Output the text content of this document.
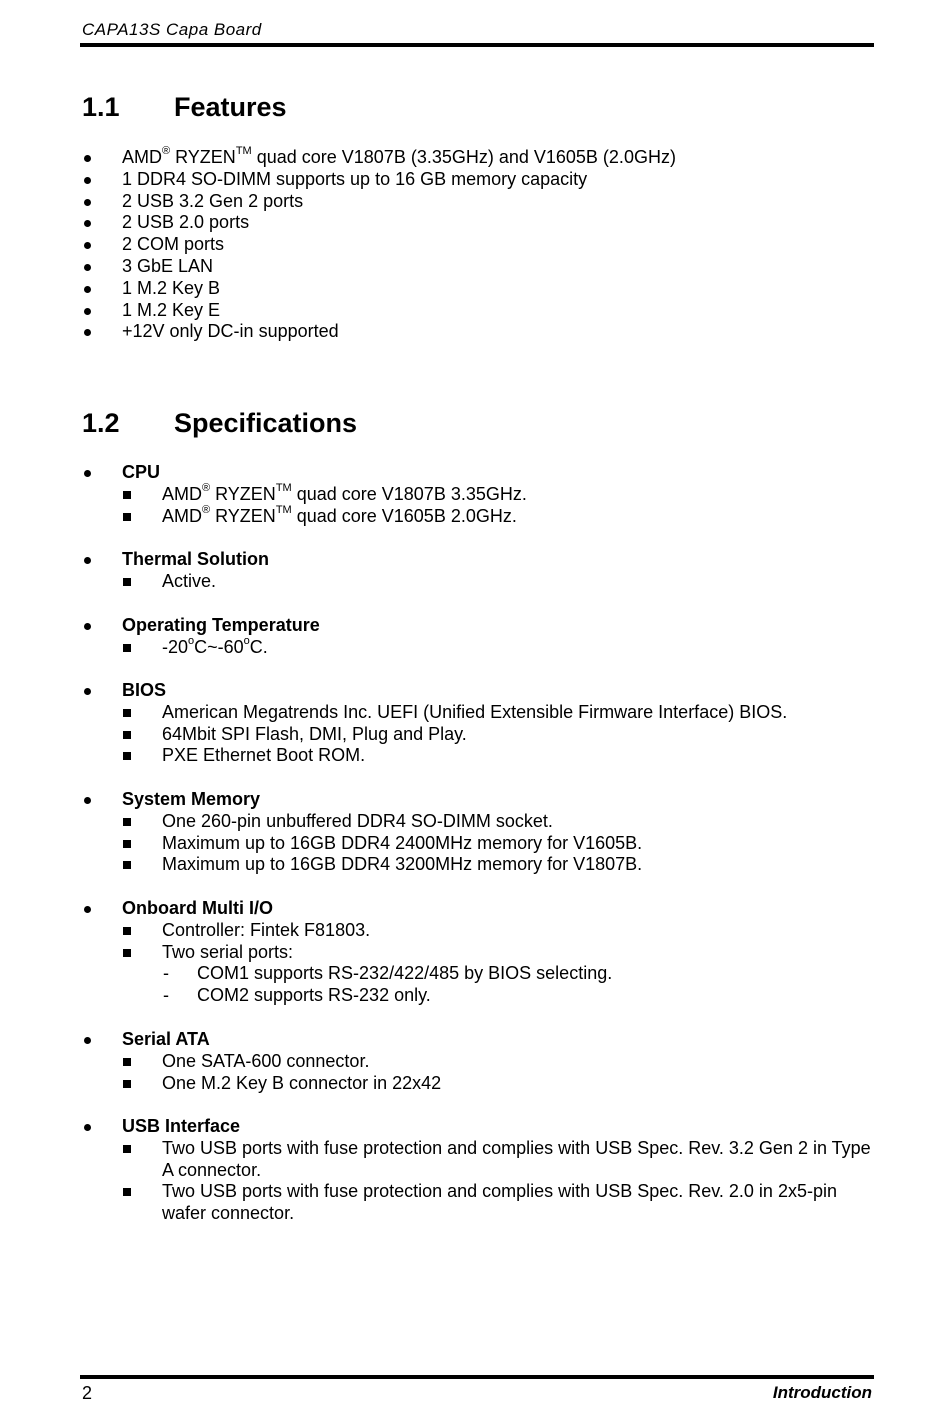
CAPA13S Capa Board
1.1 Features
AMD® RYZEN™ quad core V1807B (3.35GHz) and V1605B (2.0GHz)
1 DDR4 SO-DIMM supports up to 16 GB memory capacity
2 USB 3.2 Gen 2 ports
2 USB 2.0 ports
2 COM ports
3 GbE LAN
1 M.2 Key B
1 M.2 Key E
+12V only DC-in supported
1.2 Specifications
CPU
AMD® RYZEN™ quad core V1807B 3.35GHz.
AMD® RYZEN™ quad core V1605B 2.0GHz.
Thermal Solution
Active.
Operating Temperature
-20$^o$C~-60$^o$C.
BIOS
American Megatrends Inc. UEFI (Unified Extensible Firmware Interface) BIOS.
64Mbit SPI Flash, DMI, Plug and Play.
PXE Ethernet Boot ROM.
System Memory
One 260-pin unbuffered DDR4 SO-DIMM socket.
Maximum up to 16GB DDR4 2400MHz memory for V1605B.
Maximum up to 16GB DDR4 3200MHz memory for V1807B.
Onboard Multi I/O
Controller: Fintek F81803.
Two serial ports:
- COM1 supports RS-232/422/485 by BIOS selecting.
- COM2 supports RS-232 only.
Serial ATA
One SATA-600 connector.
One M.2 Key B connector in 22x42
USB Interface
Two USB ports with fuse protection and complies with USB Spec. Rev. 3.2 Gen 2 in Type A connector.
Two USB ports with fuse protection and complies with USB Spec. Rev. 2.0 in 2x5-pin wafer connector.
2	Introduction
